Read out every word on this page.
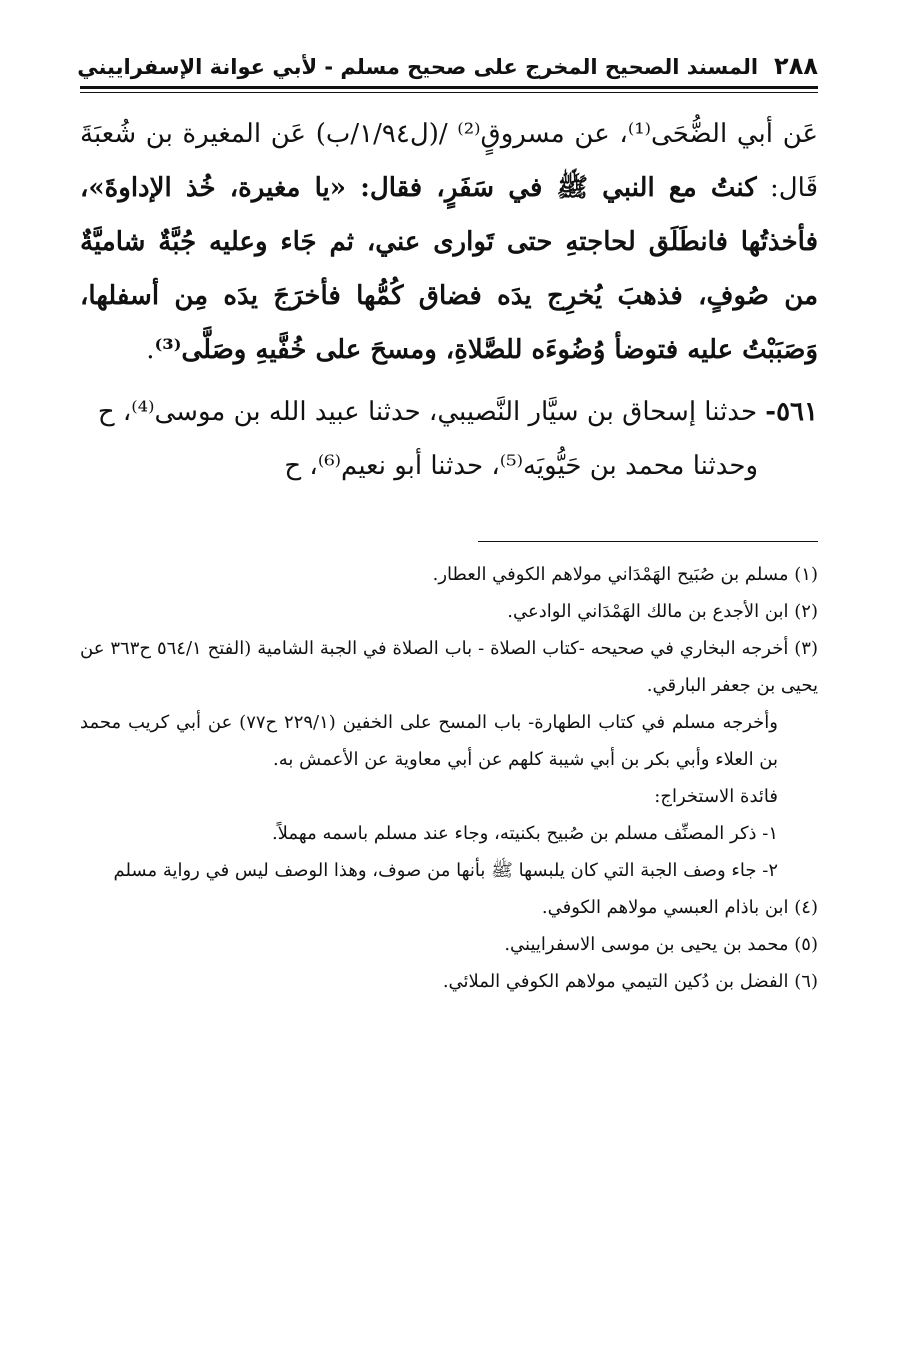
٢٨٨
المسند الصحيح المخرج على صحيح مسلم - لأبي عوانة الإسفراييني

عَن أبي الضُّحَى⁽¹⁾، عن مسروقٍ⁽²⁾ /(ل١/٩٤/ب) عَن المغيرة بن شُعبَةَ قَال: كنتُ مع النبي ﷺ في سَفَرٍ، فقال: «يا مغيرة، خُذ الإداوةَ»، فأخذتُها فانطَلَق لحاجتهِ حتى تَوارى عني، ثم جَاء وعليه جُبَّةٌ شاميَّةٌ من صُوفٍ، فذهبَ يُخرِج يدَه فضاق كُمُّها فأخرَجَ يدَه مِن أسفلها، وَصَبَبْتُ عليه فتوضأ وُضُوءَه للصَّلاةِ، ومسحَ على خُفَّيهِ وصَلَّى⁽³⁾.

٥٦١- حدثنا إسحاق بن سيَّار النَّصيبي، حدثنا عبيد الله بن موسى⁽⁴⁾، ح

وحدثنا محمد بن حَيُّويَه⁽⁵⁾، حدثنا أبو نعيم⁽⁶⁾، ح

(١) مسلم بن صُبَيح الهَمْدَاني مولاهم الكوفي العطار.

(٢) ابن الأجدع بن مالك الهَمْدَاني الوادعي.

(٣) أخرجه البخاري في صحيحه -كتاب الصلاة - باب الصلاة في الجبة الشامية (الفتح ٥٦٤/١ ح٣٦٣ عن يحيى بن جعفر البارقي.

وأخرجه مسلم في كتاب الطهارة- باب المسح على الخفين (٢٢٩/١ ح٧٧) عن أبي كريب محمد بن العلاء وأبي بكر بن أبي شيبة كلهم عن أبي معاوية عن الأعمش به.

فائدة الاستخراج:

١- ذكر المصنِّف مسلم بن صُبيح بكنيته، وجاء عند مسلم باسمه مهملاً.

٢- جاء وصف الجبة التي كان يلبسها ﷺ بأنها من صوف، وهذا الوصف ليس في رواية مسلم

(٤) ابن باذام العبسي مولاهم الكوفي.

(٥) محمد بن يحيى بن موسى الاسفراييني.

(٦) الفضل بن دُكين التيمي مولاهم الكوفي الملائي.
